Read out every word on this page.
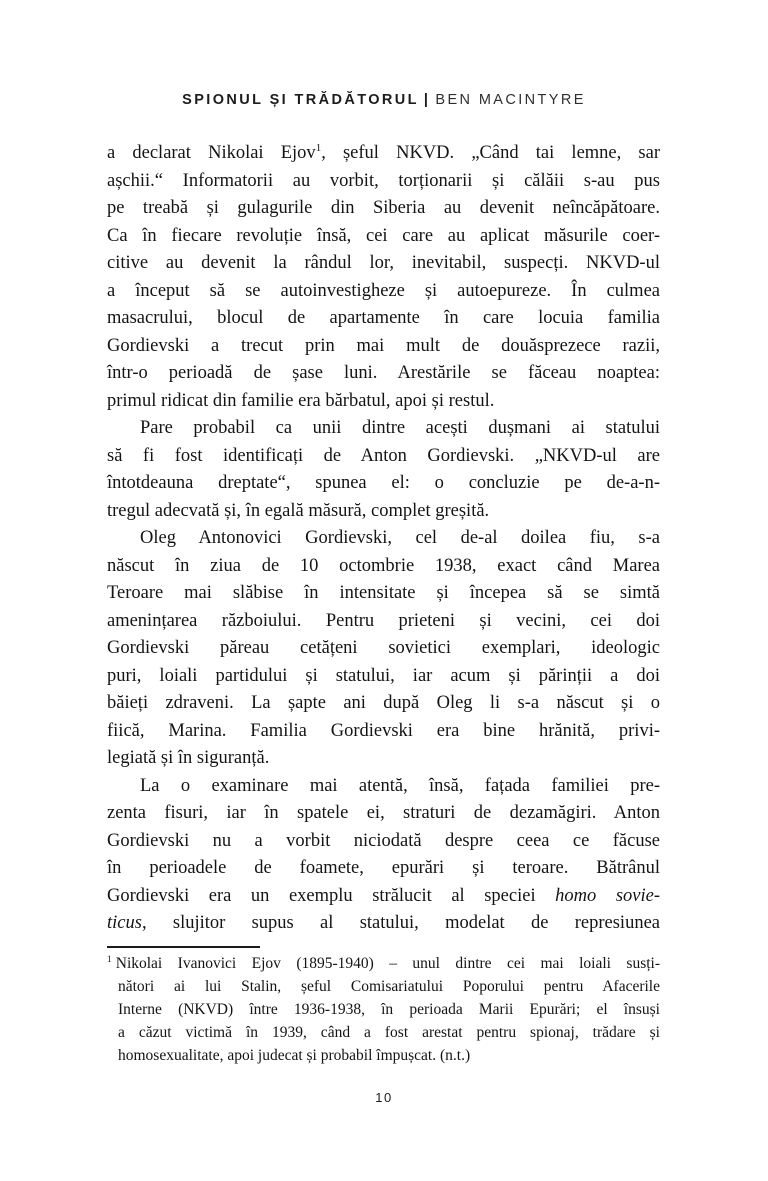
SPIONUL ȘI TRĂDĂTORUL | BEN MACINTYRE
a declarat Nikolai Ejov$^1$, șeful NKVD. „Când tai lemne, sar
așchii.“ Informatorii au vorbit, torționarii și călăii s-au pus
pe treabă și gulagurile din Siberia au devenit neîncăpătoare.
Ca în fiecare revoluție însă, cei care au aplicat măsurile coer-
citive au devenit la rândul lor, inevitabil, suspecți. NKVD-ul
a început să se autoinvestigheze și autoepureze. În culmea
masacrului, blocul de apartamente în care locuia familia
Gordievski a trecut prin mai mult de douăsprezece razii,
într-o perioadă de șase luni. Arestările se făceau noaptea:
primul ridicat din familie era bărbatul, apoi și restul.
Pare probabil ca unii dintre acești dușmani ai statului
să fi fost identificați de Anton Gordievski. „NKVD-ul are
întotdeauna dreptate“, spunea el: o concluzie pe de-a-n-
tregul adecvată și, în egală măsură, complet greșită.
Oleg Antonovici Gordievski, cel de-al doilea fiu, s-a
născut în ziua de 10 octombrie 1938, exact când Marea
Teroare mai slăbise în intensitate și începea să se simtă
amenințarea războiului. Pentru prieteni și vecini, cei doi
Gordievski păreau cetățeni sovietici exemplari, ideologic
puri, loiali partidului și statului, iar acum și părinții a doi
băieți zdraveni. La șapte ani după Oleg li s-a născut și o
fiică, Marina. Familia Gordievski era bine hrănită, privi-
legiată și în siguranță.
La o examinare mai atentă, însă, fațada familiei pre-
zenta fisuri, iar în spatele ei, straturi de dezamăgiri. Anton
Gordievski nu a vorbit niciodată despre ceea ce făcuse
în perioadele de foamete, epurări și teroare. Bătrânul
Gordievski era un exemplu strălucit al speciei homo sovie-
ticus, slujitor supus al statului, modelat de represiunea
$^1$ Nikolai Ivanovici Ejov (1895-1940) – unul dintre cei mai loiali susți-
nători ai lui Stalin, șeful Comisariatului Poporului pentru Afacerile
Interne (NKVD) între 1936-1938, în perioada Marii Epurări; el însuși
a căzut victimă în 1939, când a fost arestat pentru spionaj, trădare și
homosexualitate, apoi judecat și probabil împușcat. (n.t.)
10
